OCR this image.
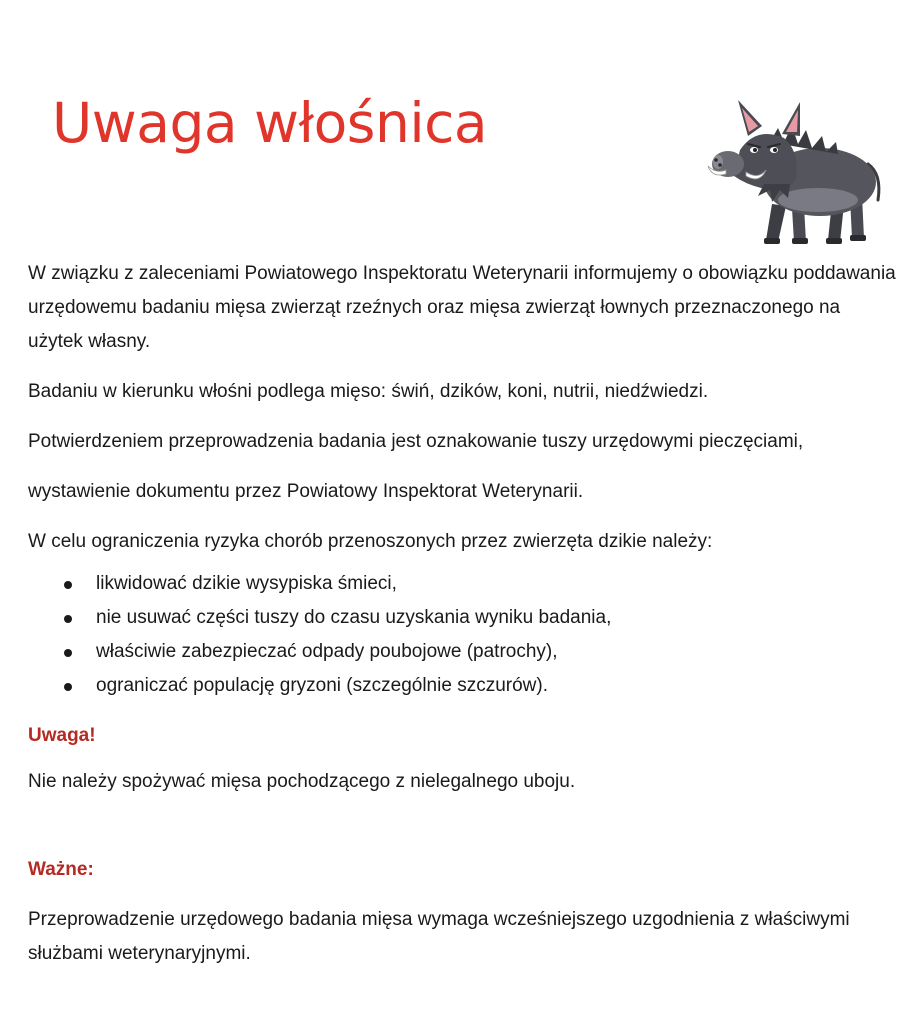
Uwaga włośnica

W związku z zaleceniami Powiatowego Inspektoratu Weterynarii informujemy o obowiązku poddawania urzędowemu badaniu mięsa zwierząt rzeźnych oraz mięsa zwierząt łownych przeznaczonego na użytek własny.

Badaniu w kierunku włośni podlega mięso: świń, dzików, koni, nutrii, niedźwiedzi.

Potwierdzeniem przeprowadzenia badania jest oznakowanie tuszy urzędowymi pieczęciami,

wystawienie dokumentu przez Powiatowy Inspektorat Weterynarii.

W celu ograniczenia ryzyka chorób przenoszonych przez zwierzęta dzikie należy:

likwidować dzikie wysypiska śmieci,
nie usuwać części tuszy do czasu uzyskania wyniku badania,
właściwie zabezpieczać odpady poubojowe (patrochy),
ograniczać populację gryzoni (szczególnie szczurów).

Uwaga!

Nie należy spożywać mięsa pochodzącego z nielegalnego uboju.

Ważne:

Przeprowadzenie urzędowego badania mięsa wymaga wcześniejszego uzgodnienia z właściwymi służbami weterynaryjnymi.
